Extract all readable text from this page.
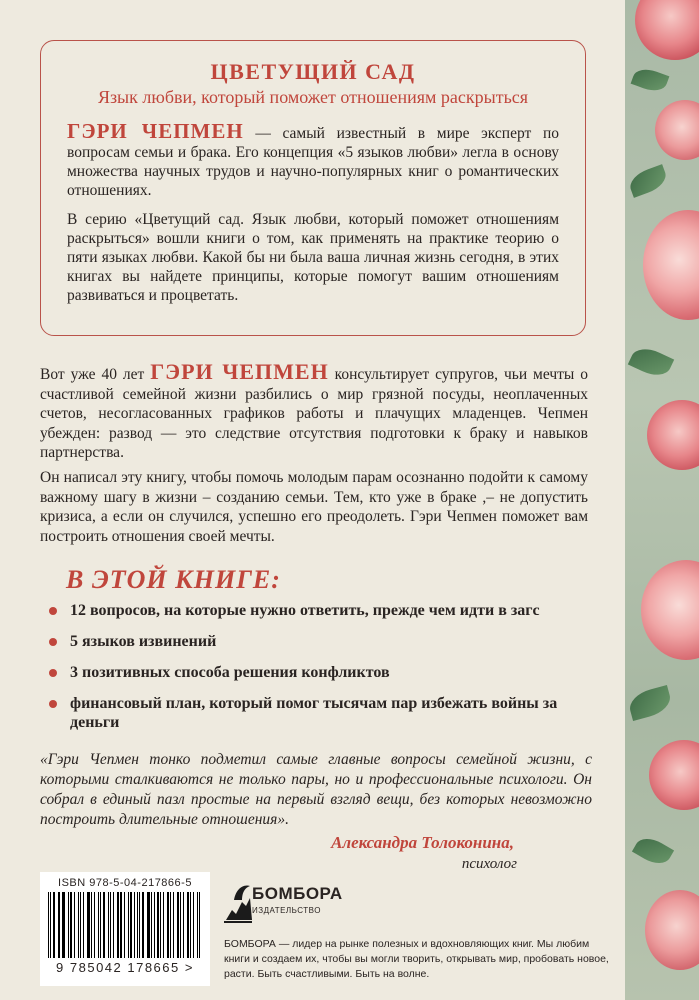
ЦВЕТУЩИЙ САД
Язык любви, который поможет отношениям раскрыться

ГЭРИ ЧЕПМЕН — самый известный в мире эксперт по вопросам семьи и брака. Его концепция «5 языков любви» легла в основу множества научных трудов и научно-популярных книг о романтических отношениях.

В серию «Цветущий сад. Язык любви, который поможет отношениям раскрыться» вошли книги о том, как применять на практике теорию о пяти языках любви. Какой бы ни была ваша личная жизнь сегодня, в этих книгах вы найдете принципы, которые помогут вашим отношениям развиваться и процветать.

Вот уже 40 лет ГЭРИ ЧЕПМЕН консультирует супругов, чьи мечты о счастливой семейной жизни разбились о мир грязной посуды, неоплаченных счетов, несогласованных графиков работы и плачущих младенцев. Чепмен убежден: развод — это следствие отсутствия подготовки к браку и навыков партнерства.

Он написал эту книгу, чтобы помочь молодым парам осознанно подойти к самому важному шагу в жизни – созданию семьи. Тем, кто уже в браке ,– не допустить кризиса, а если он случился, успешно его преодолеть. Гэри Чепмен поможет вам построить отношения своей мечты.

В ЭТОЙ КНИГЕ:
12 вопросов, на которые нужно ответить, прежде чем идти в загс
5 языков извинений
3 позитивных способа решения конфликтов
финансовый план, который помог тысячам пар избежать войны за деньги

«Гэри Чепмен тонко подметил самые главные вопросы семейной жизни, с которыми сталкиваются не только пары, но и профессиональные психологи. Он собрал в единый пазл простые на первый взгляд вещи, без которых невозможно построить длительные отношения».

Александра Толоконина,
психолог
ISBN 978-5-04-217866-5
9 785042 178665 >
БОМБОРА
ИЗДАТЕЛЬСТВО

БОМБОРА — лидер на рынке полезных и вдохновляющих книг. Мы любим книги и создаем их, чтобы вы могли творить, открывать мир, пробовать новое, расти. Быть счастливыми. Быть на волне.
